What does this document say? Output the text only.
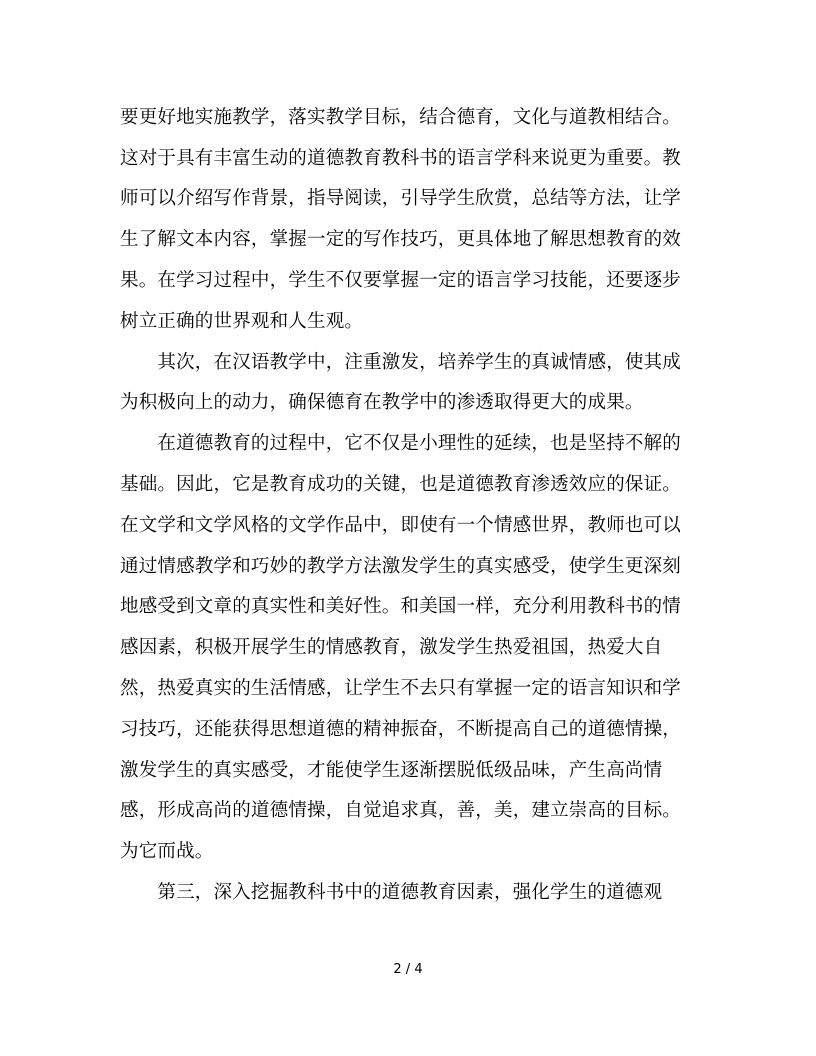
要更好地实施教学，落实教学目标，结合德育，文化与道教相结合。
这对于具有丰富生动的道德教育教科书的语言学科来说更为重要。教
师可以介绍写作背景，指导阅读，引导学生欣赏，总结等方法，让学
生了解文本内容，掌握一定的写作技巧，更具体地了解思想教育的效
果。在学习过程中，学生不仅要掌握一定的语言学习技能，还要逐步
树立正确的世界观和人生观。
　　其次，在汉语教学中，注重激发，培养学生的真诚情感，使其成
为积极向上的动力，确保德育在教学中的渗透取得更大的成果。
　　在道德教育的过程中，它不仅是小理性的延续，也是坚持不解的
基础。因此，它是教育成功的关键，也是道德教育渗透效应的保证。
在文学和文学风格的文学作品中，即使有一个情感世界，教师也可以
通过情感教学和巧妙的教学方法激发学生的真实感受，使学生更深刻
地感受到文章的真实性和美好性。和美国一样，充分利用教科书的情
感因素，积极开展学生的情感教育，激发学生热爱祖国，热爱大自
然，热爱真实的生活情感，让学生不去只有掌握一定的语言知识和学
习技巧，还能获得思想道德的精神振奋，不断提高自己的道德情操，
激发学生的真实感受，才能使学生逐渐摆脱低级品味，产生高尚情
感，形成高尚的道德情操，自觉追求真，善，美，建立崇高的目标。
为它而战。
　　第三，深入挖掘教科书中的道德教育因素，强化学生的道德观
2 / 4
